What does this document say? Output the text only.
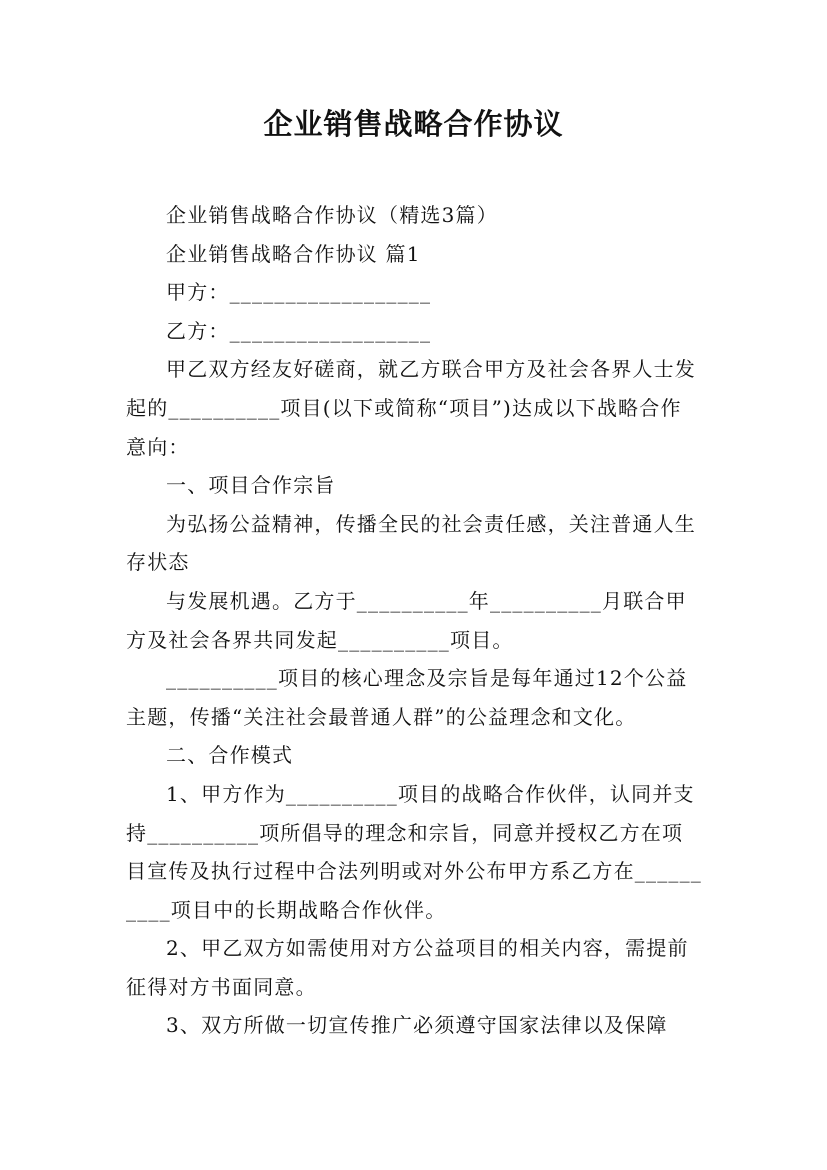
企业销售战略合作协议

企业销售战略合作协议（精选3篇）

企业销售战略合作协议 篇1

甲方：__________________

乙方：__________________

甲乙双方经友好磋商，就乙方联合甲方及社会各界人士发起的__________项目(以下或简称“项目”)达成以下战略合作意向：

一、项目合作宗旨

为弘扬公益精神，传播全民的社会责任感，关注普通人生存状态

与发展机遇。乙方于__________年__________月联合甲方及社会各界共同发起__________项目。

__________项目的核心理念及宗旨是每年通过12个公益主题，传播“关注社会最普通人群”的公益理念和文化。

二、合作模式

1、甲方作为__________项目的战略合作伙伴，认同并支持__________项所倡导的理念和宗旨，同意并授权乙方在项目宣传及执行过程中合法列明或对外公布甲方系乙方在__________项目中的长期战略合作伙伴。

2、甲乙双方如需使用对方公益项目的相关内容，需提前征得对方书面同意。

3、双方所做一切宣传推广必须遵守国家法律以及保障
